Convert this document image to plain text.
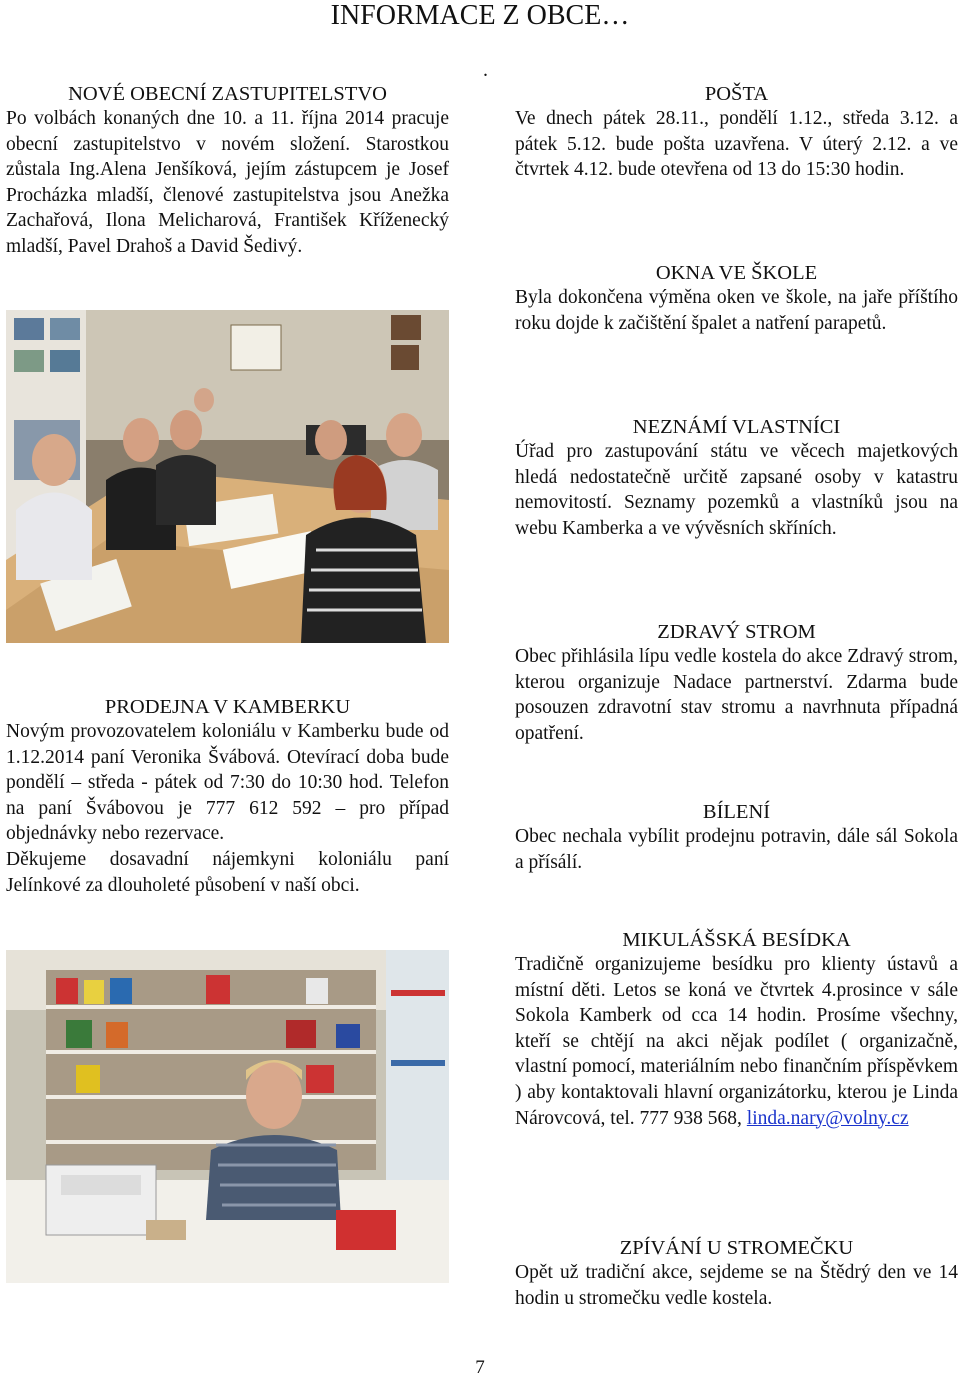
INFORMACE Z OBCE…
NOVÉ OBECNÍ ZASTUPITELSTVO

Po volbách konaných dne 10. a 11. října 2014 pracuje obecní zastupitelstvo v novém složení. Starostkou zůstala Ing.Alena Jenšíková, jejím zástupcem je Josef Procházka mladší, členové zastupitelstva jsou Anežka Zachařová, Ilona Melicharová, František Kříženecký mladší, Pavel Drahoš a David Šedivý.

PRODEJNA V KAMBERKU

Novým provozovatelem koloniálu v Kamberku bude od 1.12.2014 paní Veronika Švábová. Otevírací doba bude pondělí – středa - pátek od 7:30 do 10:30 hod. Telefon na paní Švábovou je 777 612 592 – pro případ objednávky nebo rezervace.

Děkujeme dosavadní nájemkyni koloniálu paní Jelínkové za dlouholeté působení v naší obci.

.
POŠTA

Ve dnech pátek 28.11., pondělí 1.12., středa 3.12. a pátek 5.12. bude pošta uzavřena. V úterý 2.12. a ve čtvrtek 4.12. bude otevřena od 13 do 15:30 hodin.

OKNA VE ŠKOLE

Byla dokončena výměna oken ve škole, na jaře příštího roku dojde k začištění špalet a natření parapetů.

NEZNÁMÍ VLASTNÍCI

Úřad pro zastupování státu ve věcech majetkových hledá nedostatečně určitě zapsané osoby v katastru nemovitostí. Seznamy pozemků a vlastníků jsou na webu Kamberka a ve vývěsních skříních.

ZDRAVÝ STROM

Obec přihlásila lípu vedle kostela do akce Zdravý strom, kterou organizuje Nadace partnerství. Zdarma bude posouzen zdravotní stav stromu a navrhnuta případná opatření.

BÍLENÍ

Obec nechala vybílit prodejnu potravin, dále sál Sokola a přísálí.

MIKULÁŠSKÁ BESÍDKA

Tradičně organizujeme besídku pro klienty ústavů a místní děti. Letos se koná ve čtvrtek 4.prosince v sále Sokola Kamberk od cca 14 hodin. Prosíme všechny, kteří se chtějí na akci nějak podílet ( organizačně, vlastní pomocí, materiálním nebo finančním příspěvkem ) aby kontaktovali hlavní organizátorku, kterou je Linda Nárovcová, tel. 777 938 568, linda.nary@volny.cz

ZPÍVÁNÍ U STROMEČKU

Opět už tradiční akce, sejdeme se na Štědrý den ve 14 hodin u stromečku vedle kostela.

7
